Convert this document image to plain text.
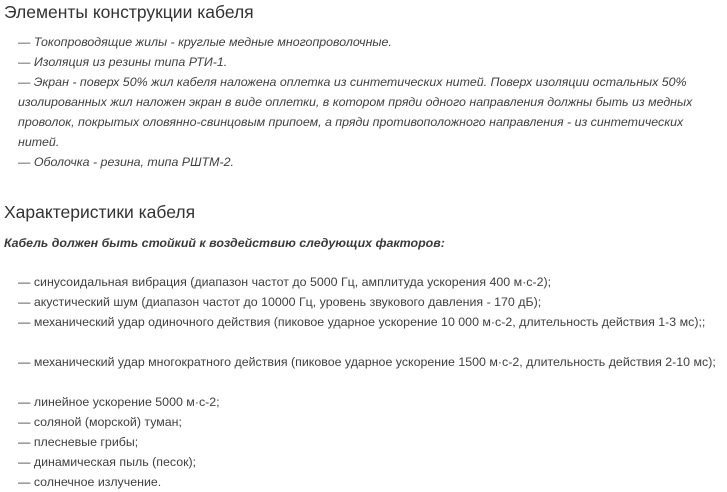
Элементы конструкции кабеля

— Токопроводящие жилы - круглые медные многопроволочные.

— Изоляция из резины типа РТИ-1.

— Экран - поверх 50% жил кабеля наложена оплетка из синтетических нитей. Поверх изоляции остальных 50% изолированных жил наложен экран в виде оплетки, в котором пряди одного направления должны быть из медных проволок, покрытых оловянно-свинцовым припоем, а пряди противоположного направления - из синтетических нитей.

— Оболочка - резина, типа РШТМ-2.

Характеристики кабеля

Кабель должен быть стойкий к воздействию следующих факторов:

— синусоидальная вибрация (диапазон частот до 5000 Гц, амплитуда ускорения 400 м·с-2);

— акустический шум (диапазон частот до 10000 Гц, уровень звукового давления - 170 дБ);

— механический удар одиночного действия (пиковое ударное ускорение 10 000 м·с-2, длительность действия 1-3 мс);;

— механический удар многократного действия (пиковое ударное ускорение 1500 м·с-2, длительность действия 2-10 мс);

— линейное ускорение 5000 м·с-2;

— соляной (морской) туман;

— плесневые грибы;

— динамическая пыль (песок);

— солнечное излучение.
